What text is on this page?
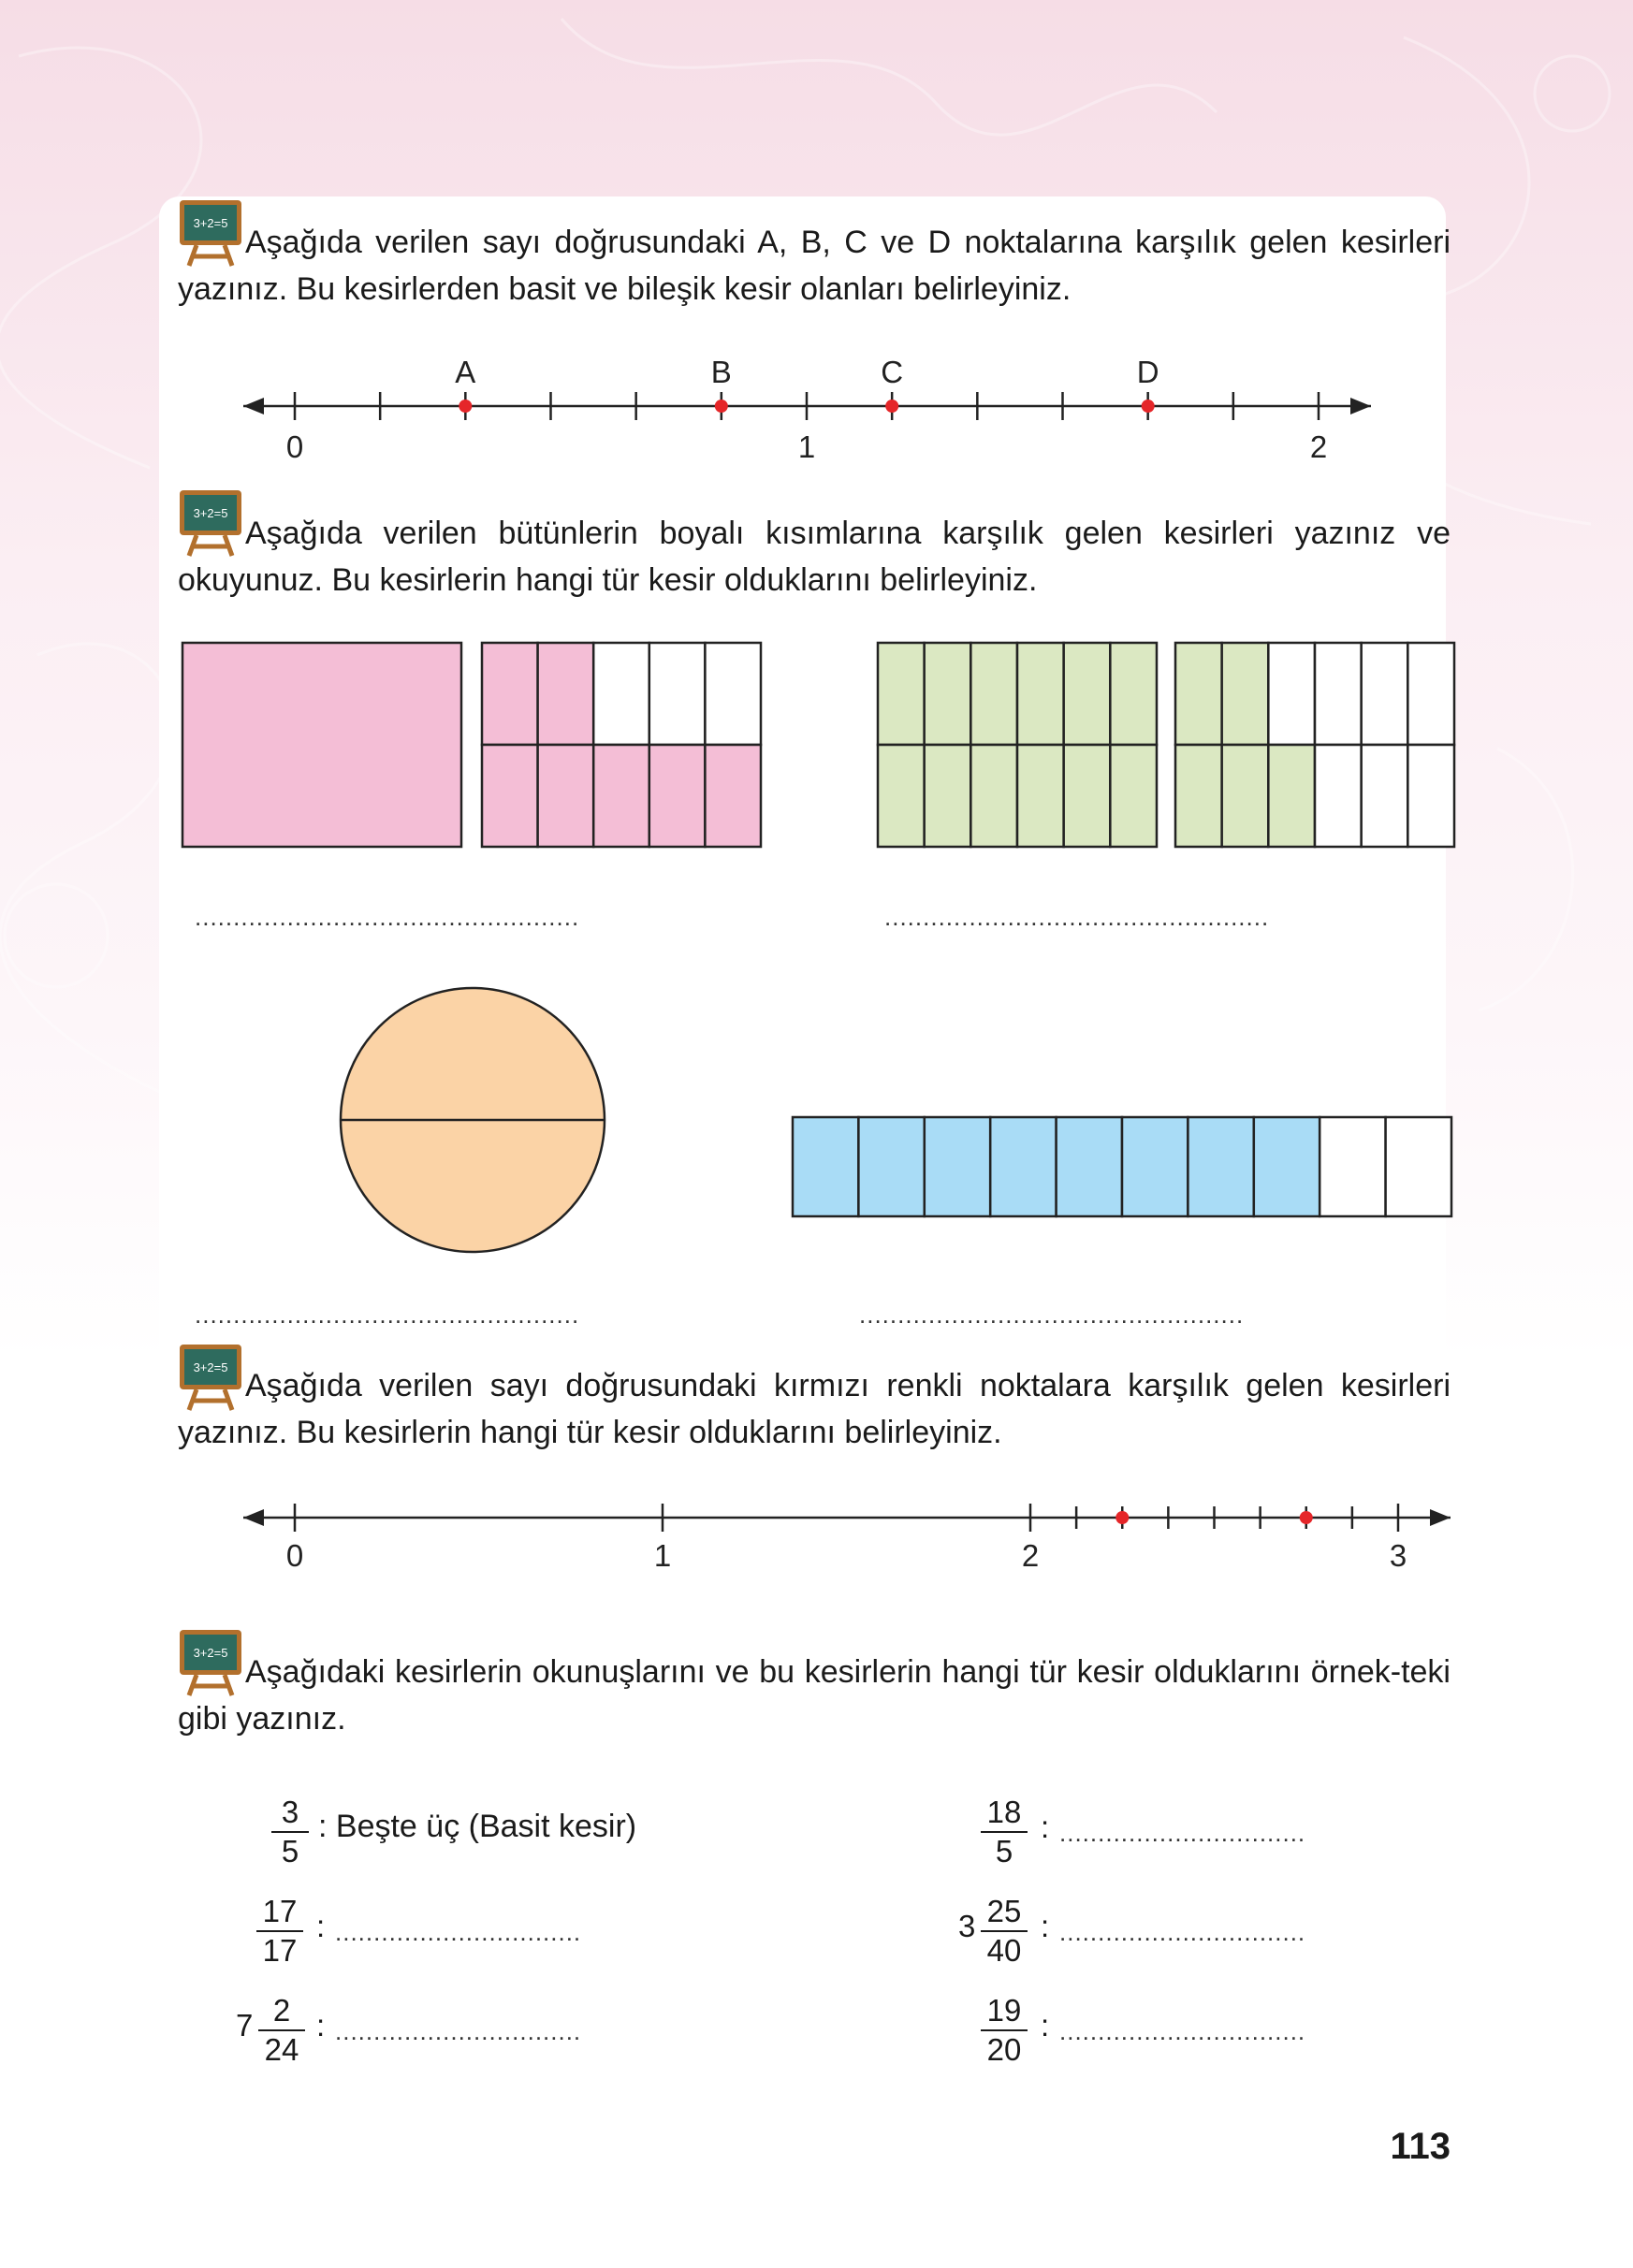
3+2=5
Aşağıda verilen sayı doğrusundaki A, B, C ve D noktalarına karşılık gelen kesirleri yazınız. Bu kesirlerden basit ve bileşik kesir olanları belirleyiniz.
0	1	2
A	B	C	D
3+2=5
Aşağıda verilen bütünlerin boyalı kısımlarına karşılık gelen kesirleri yazınız ve okuyunuz. Bu kesirlerin hangi tür kesir olduklarını belirleyiniz.
..................................................	..................................................
..................................................	..................................................
3+2=5
Aşağıda verilen sayı doğrusundaki kırmızı renkli noktalara karşılık gelen kesirleri yazınız. Bu kesirlerin hangi tür kesir olduklarını belirleyiniz.
0	1	2	3
3+2=5
Aşağıdaki kesirlerin okunuşlarını ve bu kesirlerin hangi tür kesir olduklarını örnek-teki gibi yazınız.
3
5
: Beşte üç (Basit kesir)
17
17
: ................................
7 2
24
: ................................
18
5
: ................................
3 25
40
: ................................
19
20
: ................................
113
